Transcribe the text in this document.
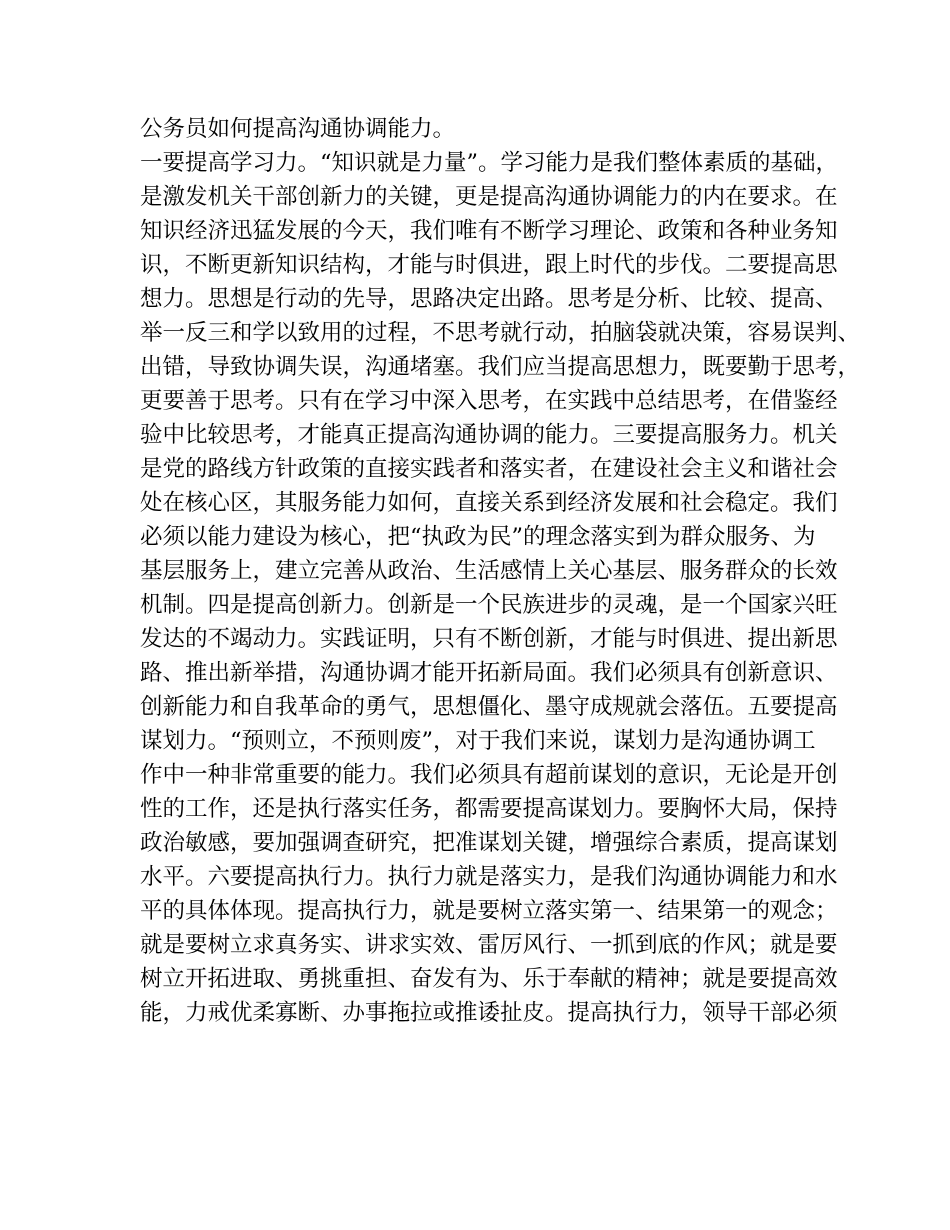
公务员如何提高沟通协调能力。
一要提高学习力。“知识就是力量”。学习能力是我们整体素质的基础，
是激发机关干部创新力的关键，更是提高沟通协调能力的内在要求。在
知识经济迅猛发展的今天，我们唯有不断学习理论、政策和各种业务知
识，不断更新知识结构，才能与时俱进，跟上时代的步伐。二要提高思
想力。思想是行动的先导，思路决定出路。思考是分析、比较、提高、
举一反三和学以致用的过程，不思考就行动，拍脑袋就决策，容易误判、
出错，导致协调失误，沟通堵塞。我们应当提高思想力，既要勤于思考，
更要善于思考。只有在学习中深入思考，在实践中总结思考，在借鉴经
验中比较思考，才能真正提高沟通协调的能力。三要提高服务力。机关
是党的路线方针政策的直接实践者和落实者，在建设社会主义和谐社会
处在核心区，其服务能力如何，直接关系到经济发展和社会稳定。我们
必须以能力建设为核心，把“执政为民”的理念落实到为群众服务、为
基层服务上，建立完善从政治、生活感情上关心基层、服务群众的长效
机制。四是提高创新力。创新是一个民族进步的灵魂，是一个国家兴旺
发达的不竭动力。实践证明，只有不断创新，才能与时俱进、提出新思
路、推出新举措，沟通协调才能开拓新局面。我们必须具有创新意识、
创新能力和自我革命的勇气，思想僵化、墨守成规就会落伍。五要提高
谋划力。“预则立，不预则废”，对于我们来说，谋划力是沟通协调工
作中一种非常重要的能力。我们必须具有超前谋划的意识，无论是开创
性的工作，还是执行落实任务，都需要提高谋划力。要胸怀大局，保持
政治敏感，要加强调查研究，把准谋划关键，增强综合素质，提高谋划
水平。六要提高执行力。执行力就是落实力，是我们沟通协调能力和水
平的具体体现。提高执行力，就是要树立落实第一、结果第一的观念；
就是要树立求真务实、讲求实效、雷厉风行、一抓到底的作风；就是要
树立开拓进取、勇挑重担、奋发有为、乐于奉献的精神；就是要提高效
能，力戒优柔寡断、办事拖拉或推诿扯皮。提高执行力，领导干部必须
